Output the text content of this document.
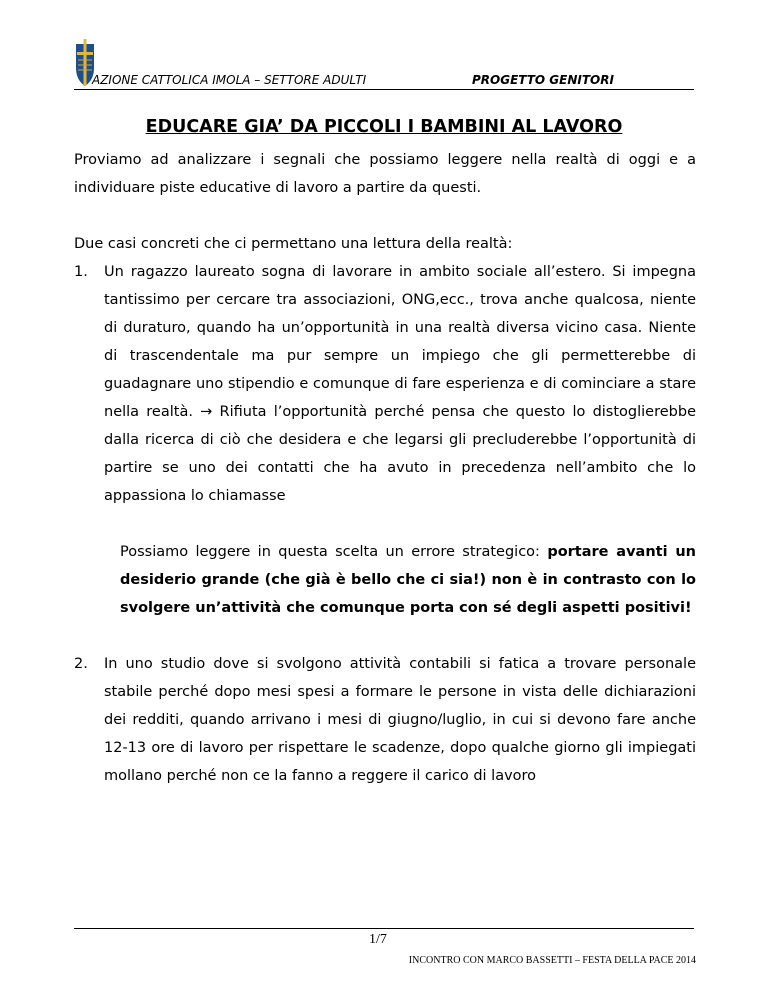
AZIONE CATTOLICA IMOLA – SETTORE ADULTI	PROGETTO GENITORI
EDUCARE GIA’ DA PICCOLI I BAMBINI AL LAVORO

Proviamo ad analizzare i segnali che possiamo leggere nella realtà di oggi e a individuare piste educative di lavoro a partire da questi.

Due casi concreti che ci permettano una lettura della realtà:

1. Un ragazzo laureato sogna di lavorare in ambito sociale all’estero. Si impegna tantissimo per cercare tra associazioni, ONG,ecc., trova anche qualcosa, niente di duraturo, quando ha un’opportunità in una realtà diversa vicino casa. Niente di trascendentale ma pur sempre un impiego che gli permetterebbe di guadagnare uno stipendio e comunque di fare esperienza e di cominciare a stare nella realtà. → Rifiuta l’opportunità perché pensa che questo lo distoglierebbe dalla ricerca di ciò che desidera e che legarsi gli precluderebbe l’opportunità di partire se uno dei contatti che ha avuto in precedenza nell’ambito che lo appassiona lo chiamasse

Possiamo leggere in questa scelta un errore strategico: portare avanti un desiderio grande (che già è bello che ci sia!) non è in contrasto con lo svolgere un’attività che comunque porta con sé degli aspetti positivi!

2. In uno studio dove si svolgono attività contabili si fatica a trovare personale stabile perché dopo mesi spesi a formare le persone in vista delle dichiarazioni dei redditi, quando arrivano i mesi di giugno/luglio, in cui si devono fare anche 12-13 ore di lavoro per rispettare le scadenze, dopo qualche giorno gli impiegati mollano perché non ce la fanno a reggere il carico di lavoro
1/7
INCONTRO CON MARCO BASSETTI – FESTA DELLA PACE 2014
